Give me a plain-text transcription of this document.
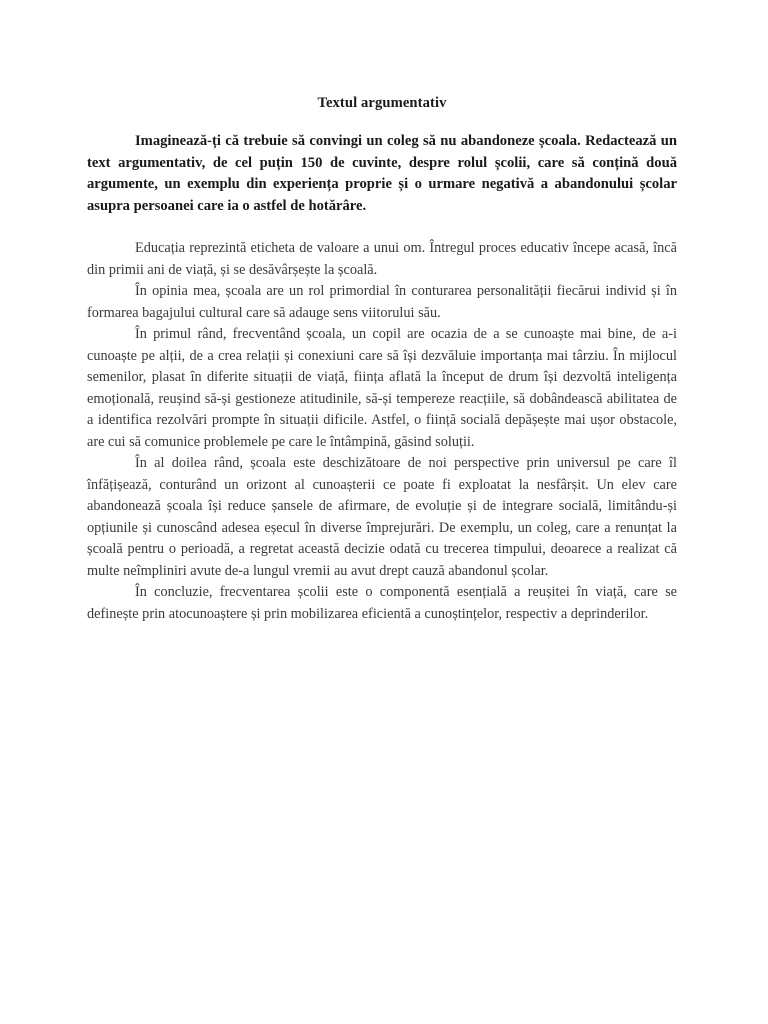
Textul argumentativ
Imaginează-ți că trebuie să convingi un coleg să nu abandoneze școala. Redactează un text argumentativ, de cel puțin 150 de cuvinte, despre rolul școlii, care să conțină două argumente, un exemplu din experiența proprie și o urmare negativă a abandonului școlar asupra persoanei care ia o astfel de hotărâre.

Educația reprezintă eticheta de valoare a unui om. Întregul proces educativ începe acasă, încă din primii ani de viață, și se desăvârșește la școală.

În opinia mea, școala are un rol primordial în conturarea personalității fiecărui individ și în formarea bagajului cultural care să adauge sens viitorului său.

În primul rând, frecventând școala, un copil are ocazia de a se cunoaște mai bine, de a-i cunoaște pe alții, de a crea relații și conexiuni care să își dezvăluie importanța mai târziu. În mijlocul semenilor, plasat în diferite situații de viață, ființa aflată la început de drum își dezvoltă inteligența emoțională, reușind să-și gestioneze atitudinile, să-și tempereze reacțiile, să dobândească abilitatea de a identifica rezolvări prompte în situații dificile. Astfel, o ființă socială depășește mai ușor obstacole, are cui să comunice problemele pe care le întâmpină, găsind soluții.

În al doilea rând, școala este deschizătoare de noi perspective prin universul pe care îl înfățișează, conturând un orizont al cunoașterii ce poate fi exploatat la nesfârșit. Un elev care abandonează școala își reduce șansele de afirmare, de evoluție și de integrare socială, limitându-și opțiunile și cunoscând adesea eșecul în diverse împrejurări. De exemplu, un coleg, care a renunțat la școală pentru o perioadă, a regretat această decizie odată cu trecerea timpului, deoarece a realizat că multe neîmpliniri avute de-a lungul vremii au avut drept cauză abandonul școlar.

În concluzie, frecventarea școlii este o componentă esențială a reușitei în viață, care se definește prin atocunoaștere și prin mobilizarea eficientă a cunoștințelor, respectiv a deprinderilor.
